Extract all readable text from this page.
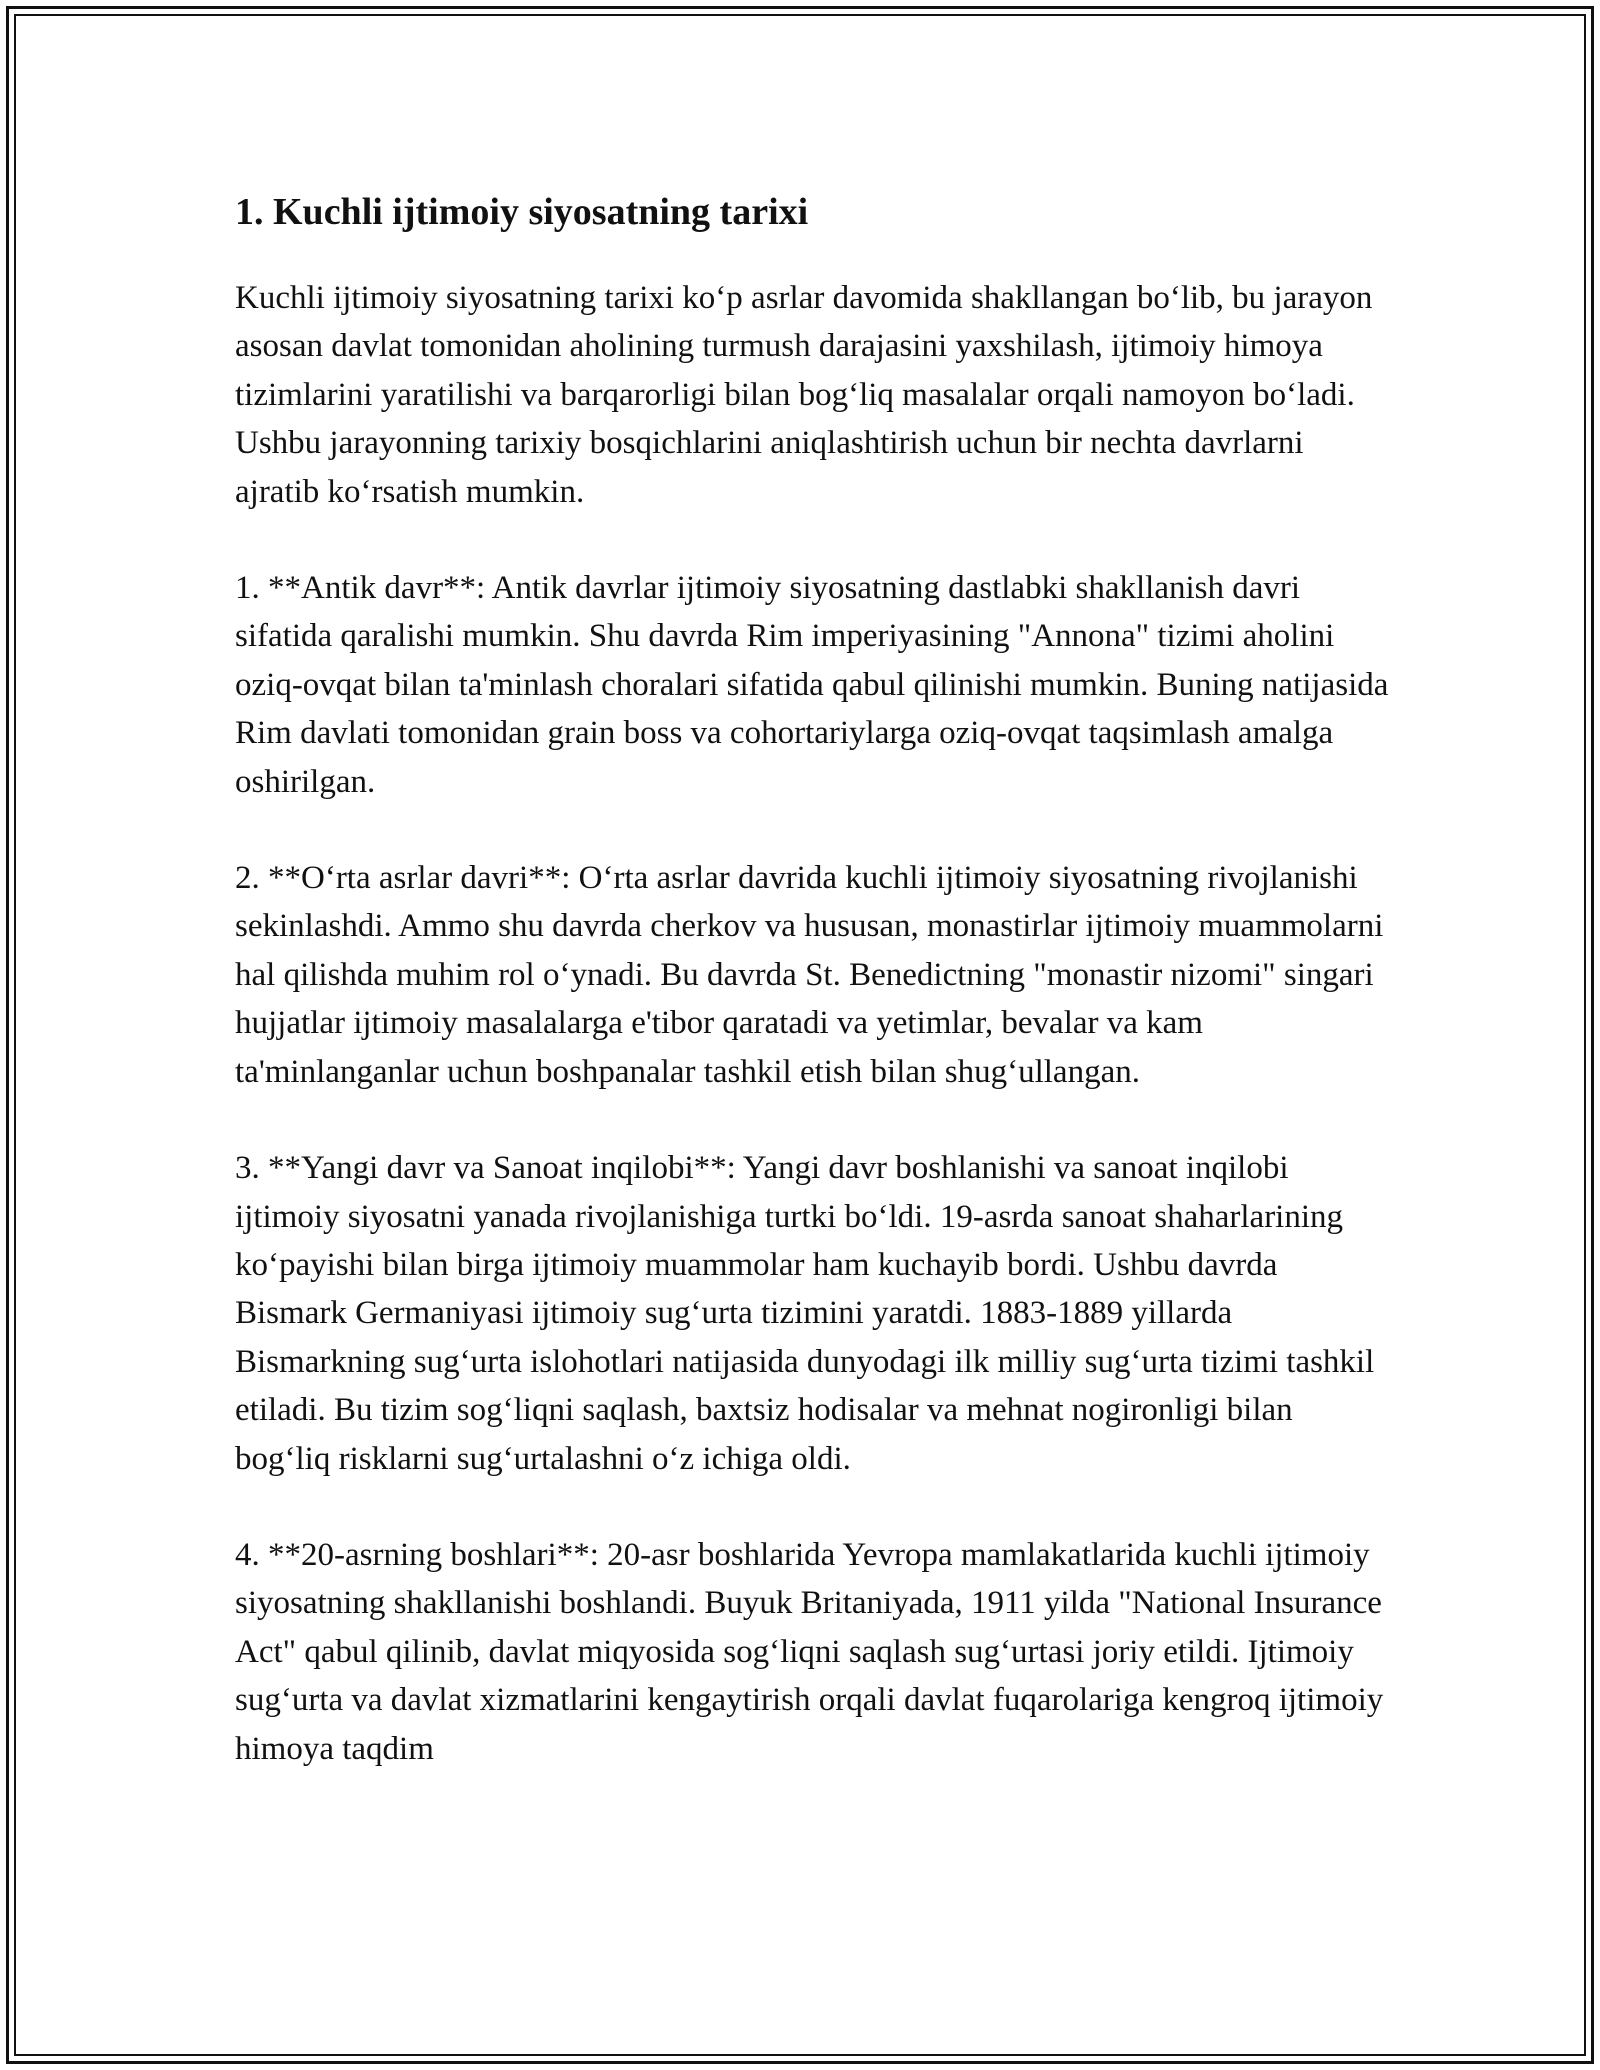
1. Kuchli ijtimoiy siyosatning tarixi

Kuchli ijtimoiy siyosatning tarixi ko‘p asrlar davomida shakllangan bo‘lib, bu jarayon asosan davlat tomonidan aholining turmush darajasini yaxshilash, ijtimoiy himoya tizimlarini yaratilishi va barqarorligi bilan bog‘liq masalalar orqali namoyon bo‘ladi. Ushbu jarayonning tarixiy bosqichlarini aniqlashtirish uchun bir nechta davrlarni ajratib ko‘rsatish mumkin.

1. **Antik davr**: Antik davrlar ijtimoiy siyosatning dastlabki shakllanish davri sifatida qaralishi mumkin. Shu davrda Rim imperiyasining "Annona" tizimi aholini oziq-ovqat bilan ta'minlash choralari sifatida qabul qilinishi mumkin. Buning natijasida Rim davlati tomonidan grain boss va cohortariylarga oziq-ovqat taqsimlash amalga oshirilgan.

2. **O‘rta asrlar davri**: O‘rta asrlar davrida kuchli ijtimoiy siyosatning rivojlanishi sekinlashdi. Ammo shu davrda cherkov va hususan, monastirlar ijtimoiy muammolarni hal qilishda muhim rol o‘ynadi. Bu davrda St. Benedictning "monastir nizomi" singari hujjatlar ijtimoiy masalalarga e'tibor qaratadi va yetimlar, bevalar va kam ta'minlanganlar uchun boshpanalar tashkil etish bilan shug‘ullangan.

3. **Yangi davr va Sanoat inqilobi**: Yangi davr boshlanishi va sanoat inqilobi ijtimoiy siyosatni yanada rivojlanishiga turtki bo‘ldi. 19-asrda sanoat shaharlarining ko‘payishi bilan birga ijtimoiy muammolar ham kuchayib bordi. Ushbu davrda Bismark Germaniyasi ijtimoiy sug‘urta tizimini yaratdi. 1883-1889 yillarda Bismarkning sug‘urta islohotlari natijasida dunyodagi ilk milliy sug‘urta tizimi tashkil etiladi. Bu tizim sog‘liqni saqlash, baxtsiz hodisalar va mehnat nogironligi bilan bog‘liq risklarni sug‘urtalashni o‘z ichiga oldi.

4. **20-asrning boshlari**: 20-asr boshlarida Yevropa mamlakatlarida kuchli ijtimoiy siyosatning shakllanishi boshlandi. Buyuk Britaniyada, 1911 yilda "National Insurance Act" qabul qilinib, davlat miqyosida sog‘liqni saqlash sug‘urtasi joriy etildi. Ijtimoiy sug‘urta va davlat xizmatlarini kengaytirish orqali davlat fuqarolariga kengroq ijtimoiy himoya taqdim
